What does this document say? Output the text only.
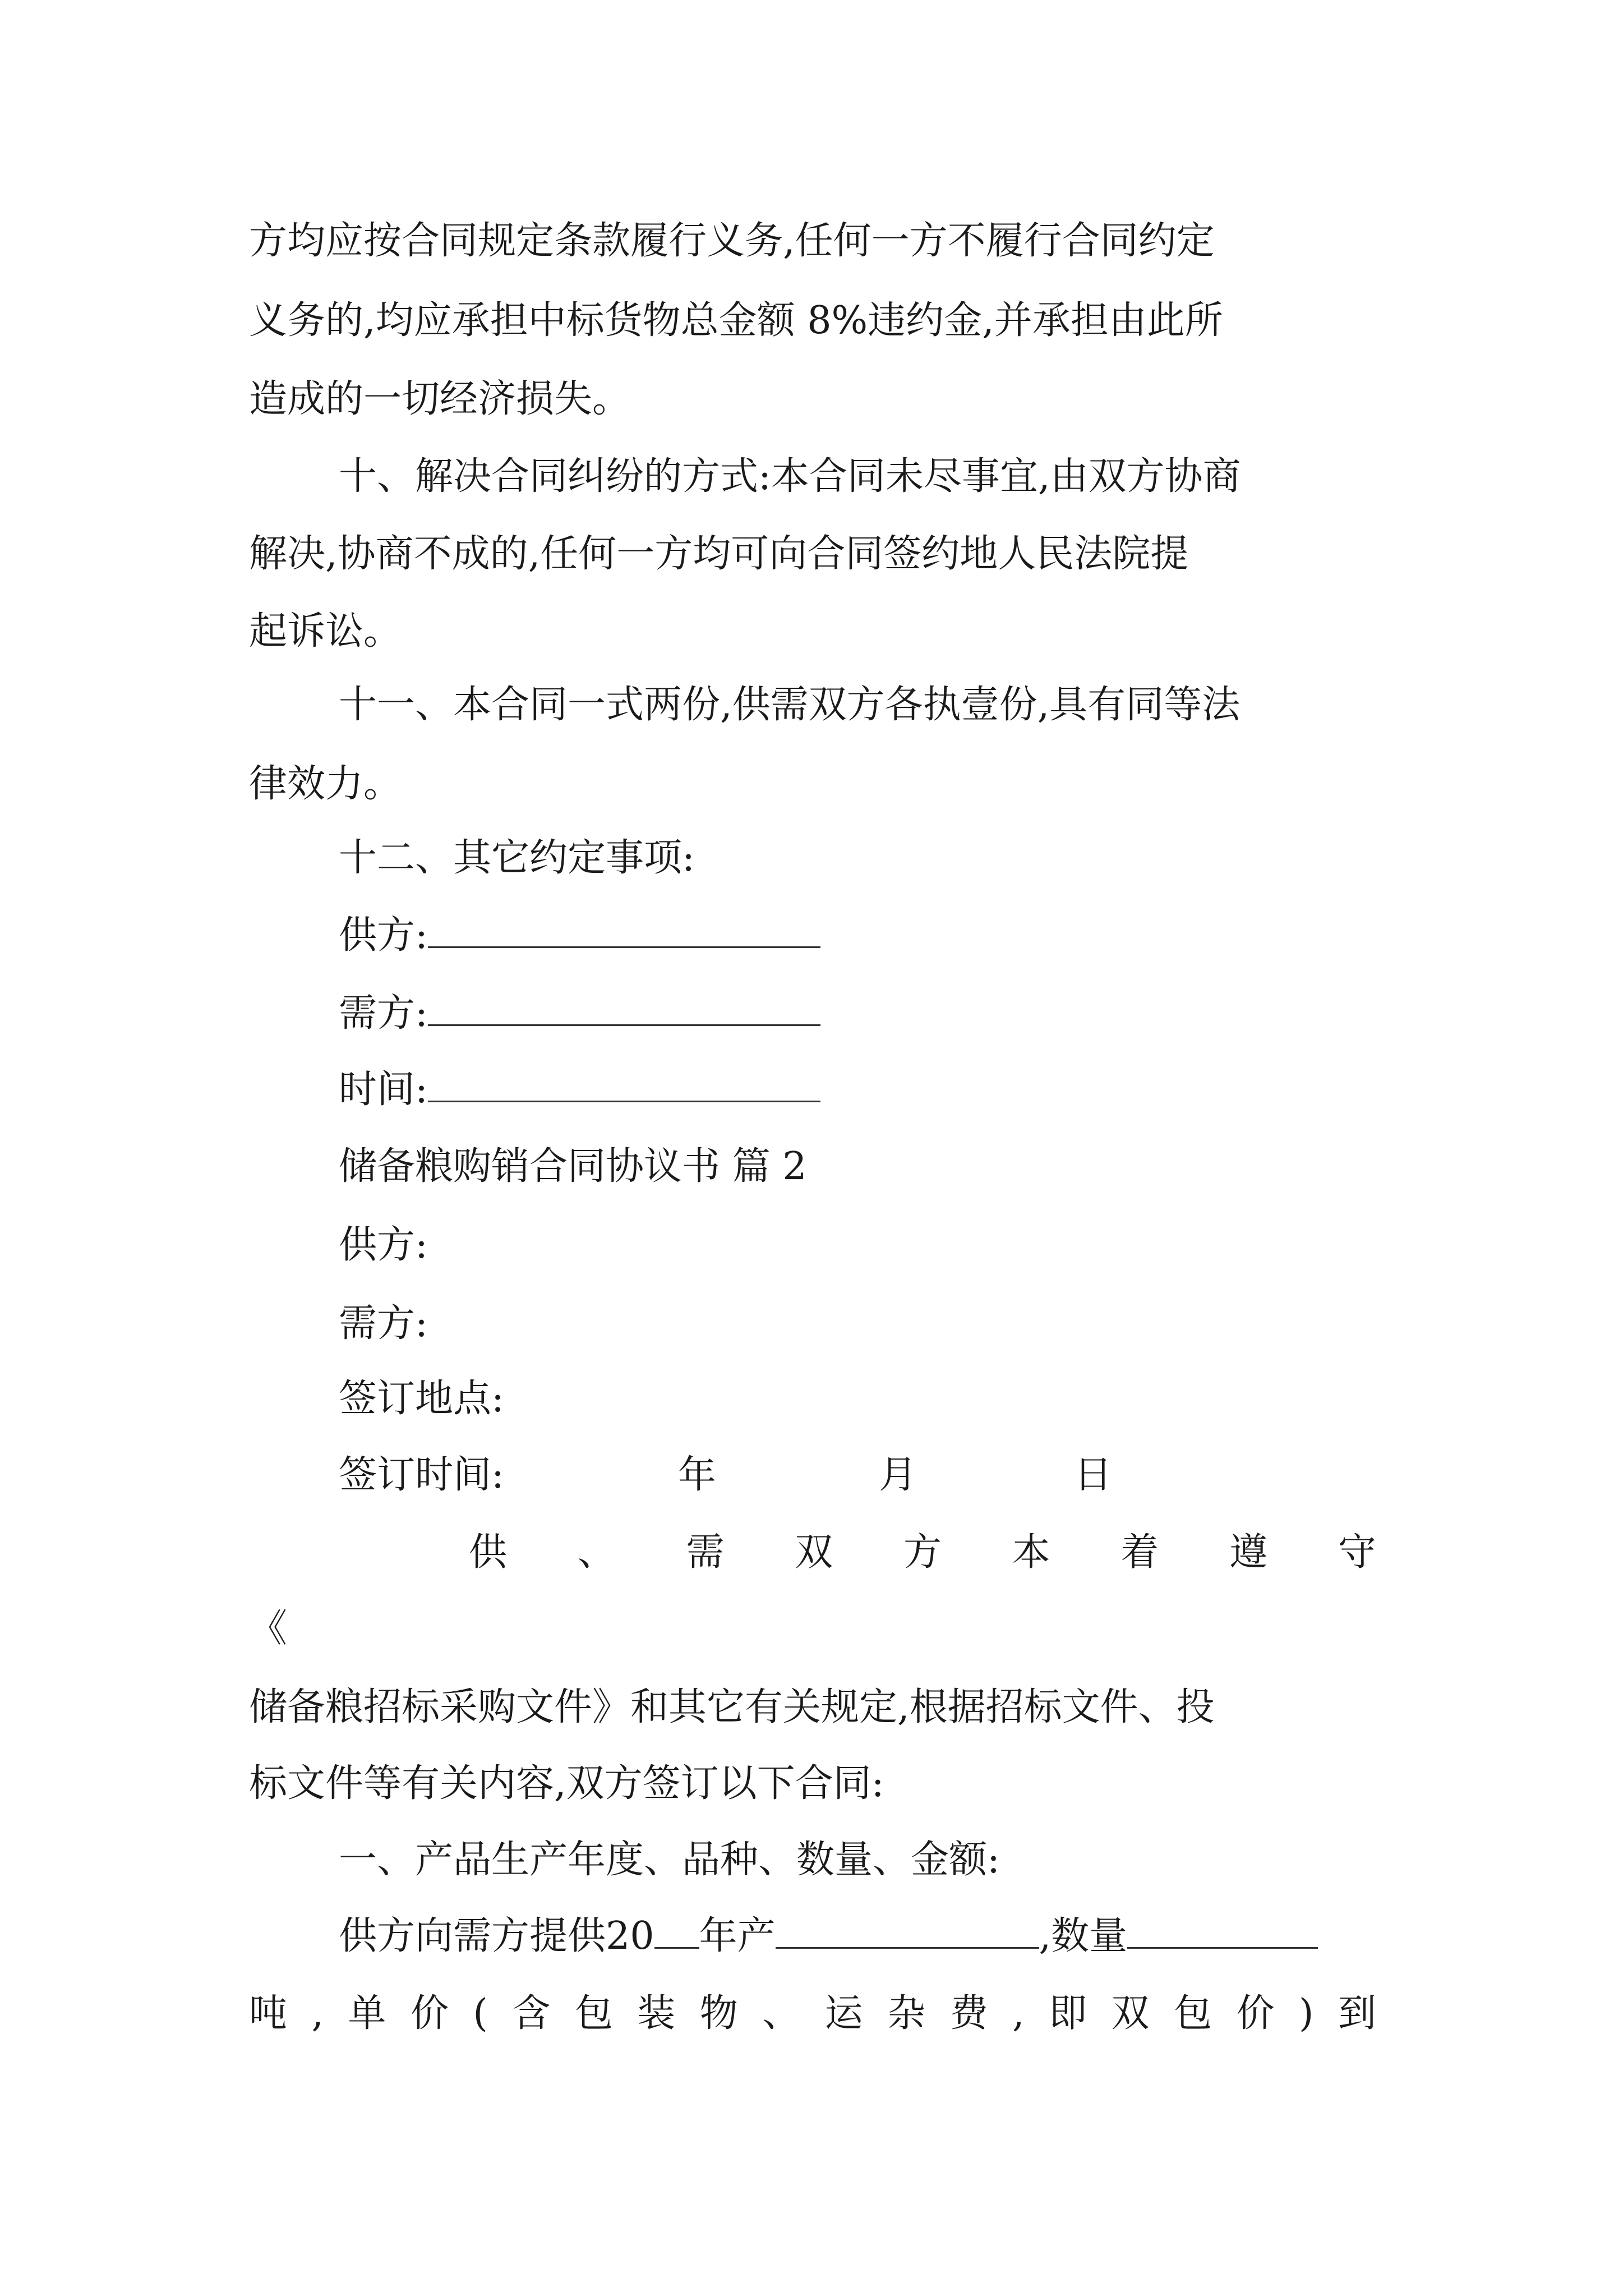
方均应按合同规定条款履行义务,任何一方不履行合同约定
义务的,均应承担中标货物总金额 8%违约金,并承担由此所
造成的一切经济损失。
十、解决合同纠纷的方式:本合同未尽事宜,由双方协商
解决,协商不成的,任何一方均可向合同签约地人民法院提
起诉讼。
十一、本合同一式两份,供需双方各执壹份,具有同等法
律效力。
十二、其它约定事项:
供方:
需方:
时间:
储备粮购销合同协议书 篇 2
供方:
需方:
签订地点:
签订时间:	年	月	日
供 、 需 双 方 本 着 遵 守
《
储备粮招标采购文件》和其它有关规定,根据招标文件、投
标文件等有关内容,双方签订以下合同:
一、产品生产年度、品种、数量、金额:
供方向需方提供20 年产	,数量
吨 , 单 价 ( 含 包 装 物 、 运 杂 费 , 即 双 包 价 ) 到
